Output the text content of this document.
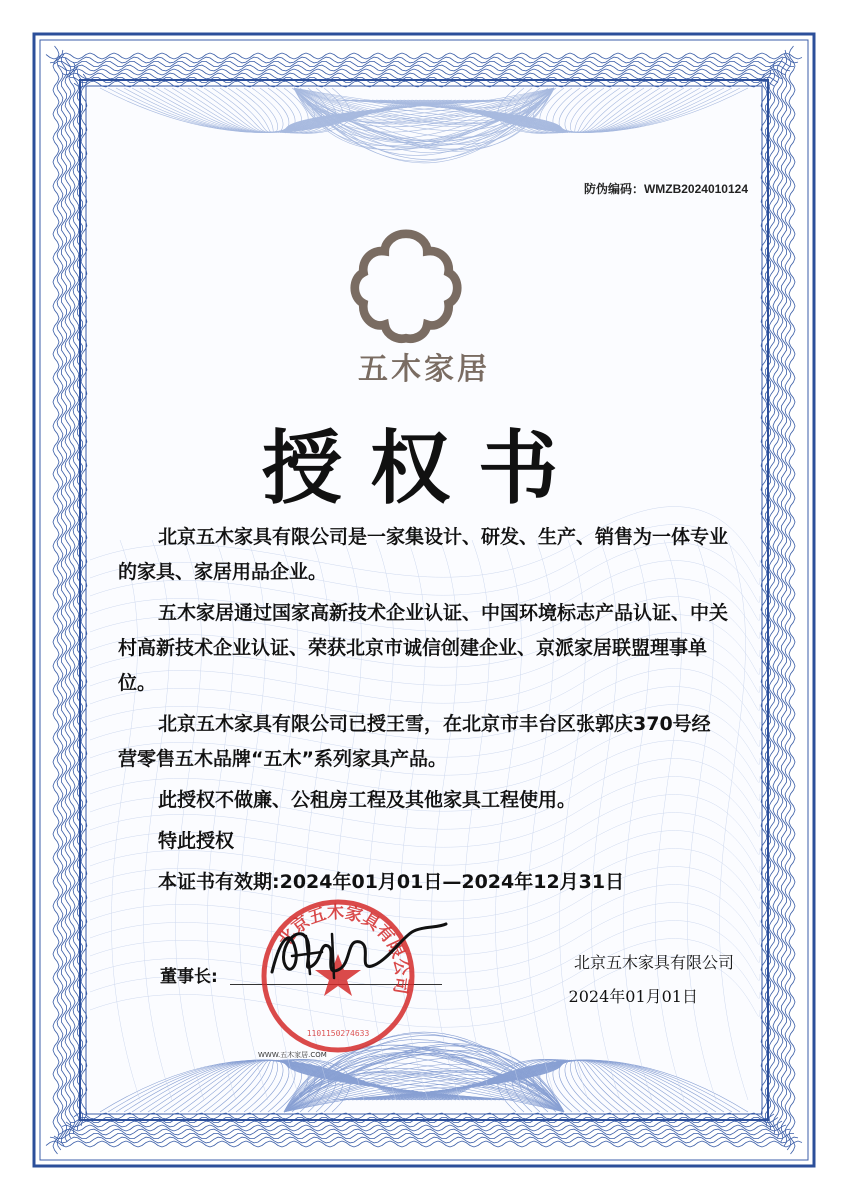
防伪编码：WMZB2024010124
五木家居
授权书

北京五木家具有限公司是一家集设计、研发、生产、销售为一体专业的家具、家居用品企业。

五木家居通过国家高新技术企业认证、中国环境标志产品认证、中关村高新技术企业认证、荣获北京市诚信创建企业、京派家居联盟理事单位。

北京五木家具有限公司已授王雪，在北京市丰台区张郭庆370号经营零售五木品牌“五木”系列家具产品。

此授权不做廉、公租房工程及其他家具工程使用。

特此授权

本证书有效期:2024年01月01日—2024年12月31日

董事长:
北京五木家具有限公司
1101150274633
北京五木家具有限公司
2024年01月01日
WWW.五木家居.COM
